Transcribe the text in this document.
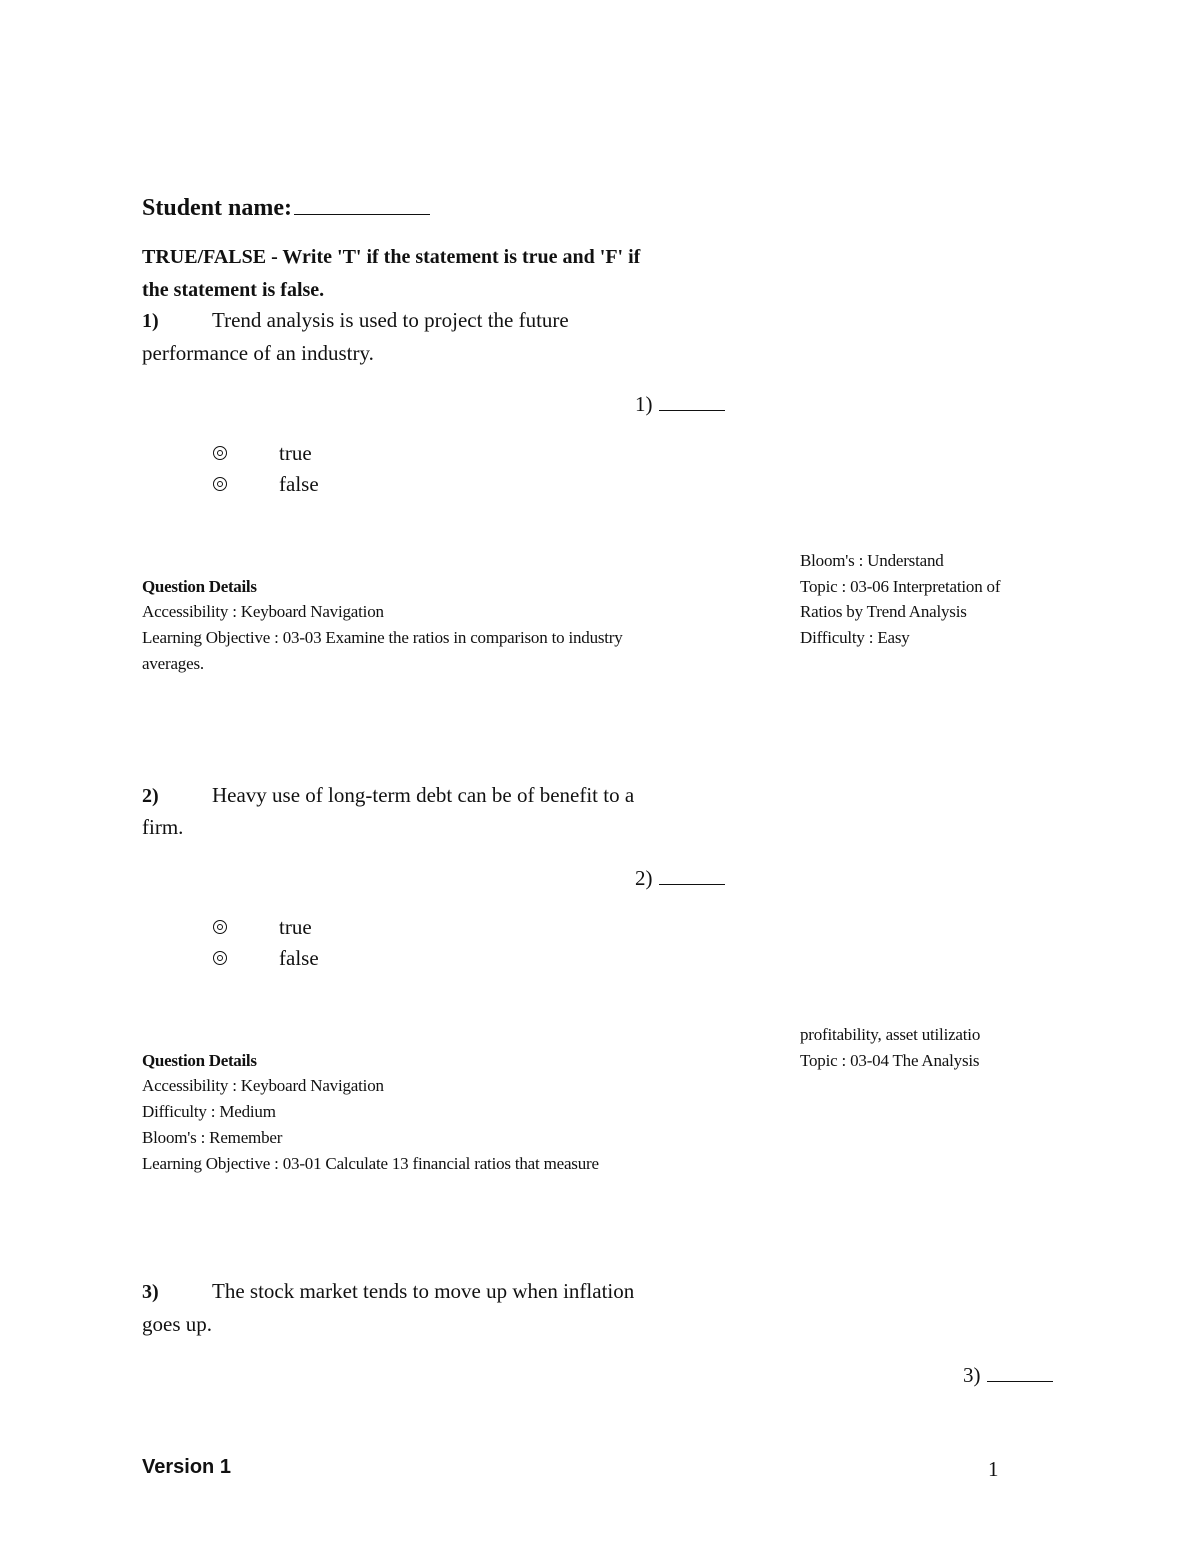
Student name:
TRUE/FALSE - Write 'T' if the statement is true and 'F' if
the statement is false.
1)	Trend analysis is used to project the future
performance of an industry.
1)
true
false
Bloom's : Understand
Question Details	Topic : 03-06 Interpretation of
Accessibility : Keyboard Navigation	Ratios by Trend Analysis
Learning Objective : 03-03 Examine the ratios in comparison to industry	Difficulty : Easy
averages.
2)	Heavy use of long-term debt can be of benefit to a
firm.
2)
true
false
profitability, asset utilizatio
Question Details	Topic : 03-04 The Analysis
Accessibility : Keyboard Navigation
Difficulty : Medium
Bloom's : Remember
Learning Objective : 03-01 Calculate 13 financial ratios that measure
3)	The stock market tends to move up when inflation
goes up.
3)
Version 1	1
